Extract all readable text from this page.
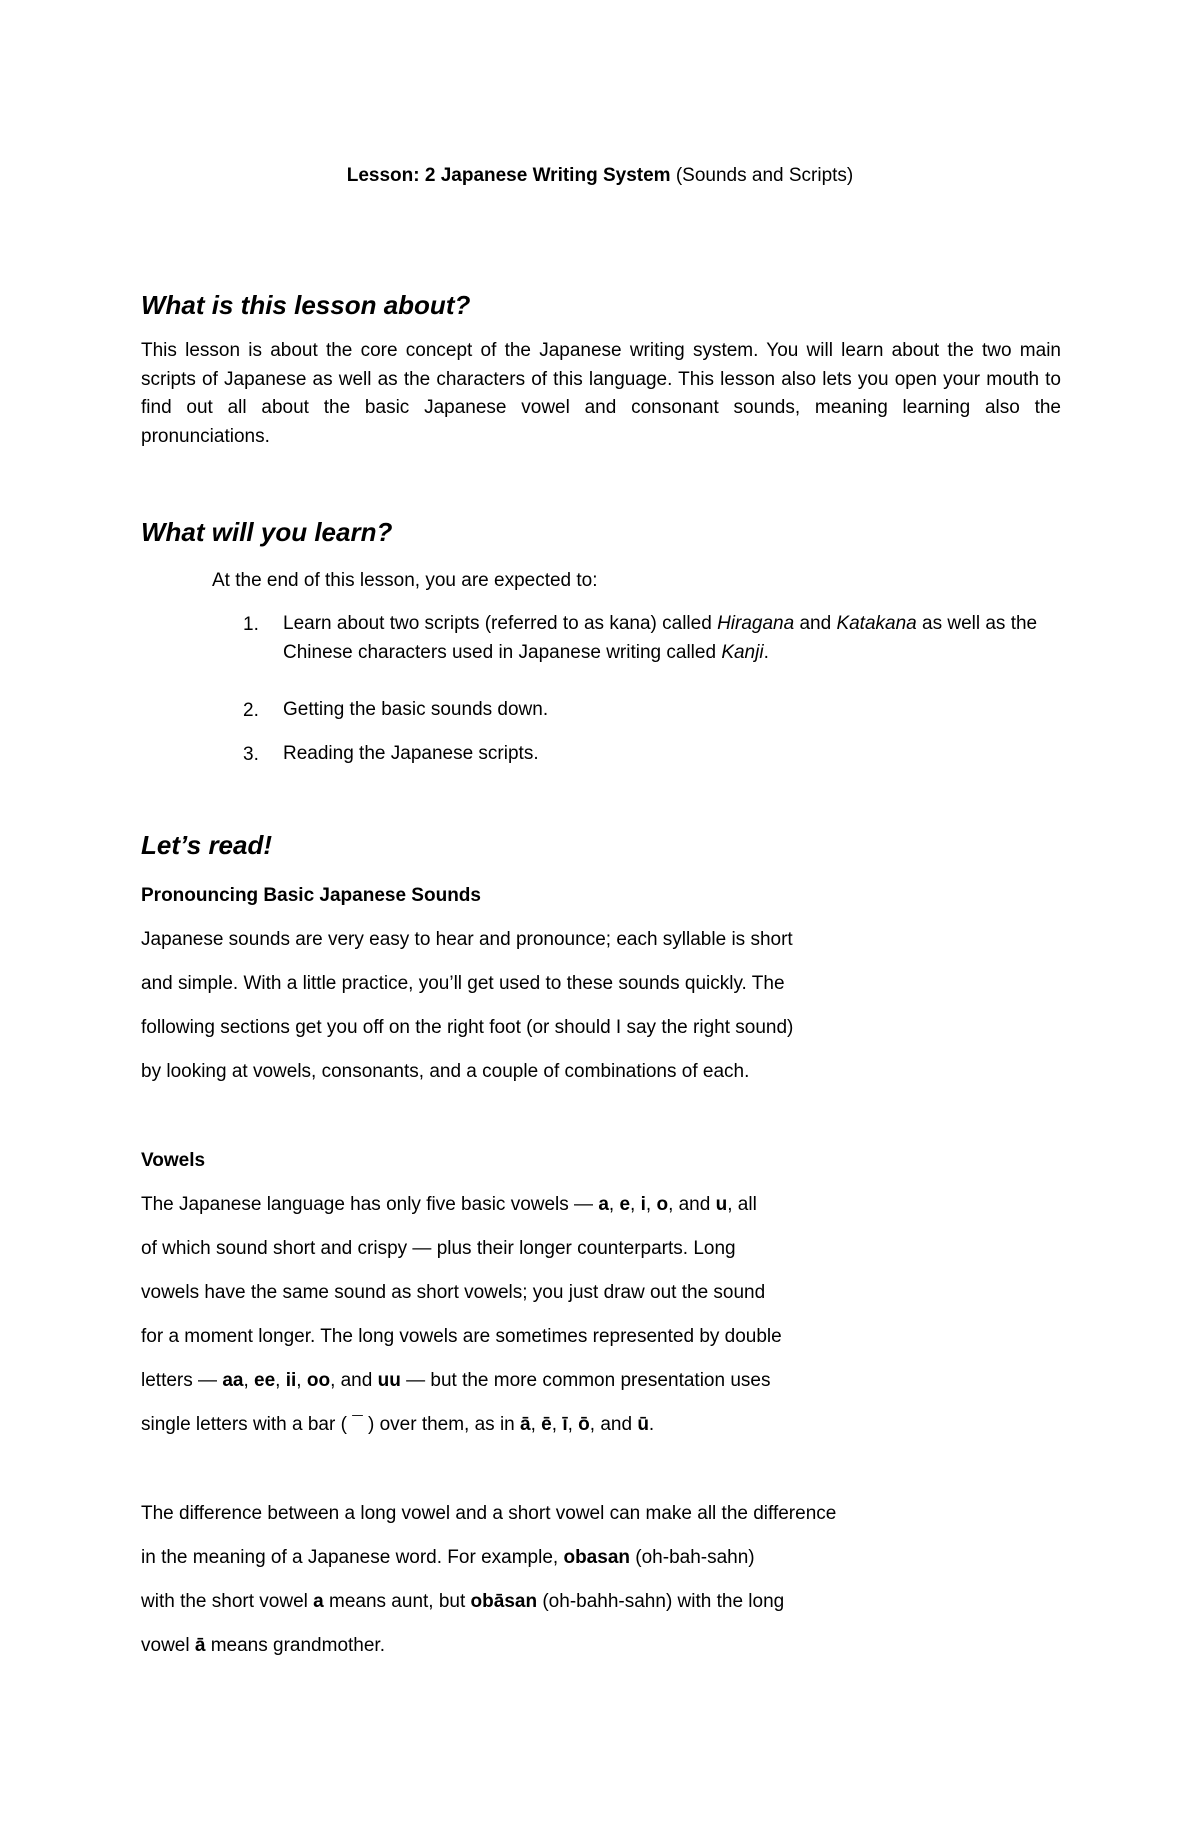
Lesson: 2 Japanese Writing System (Sounds and Scripts)
What is this lesson about?
This lesson is about the core concept of the Japanese writing system. You will learn about the two main scripts of Japanese as well as the characters of this language. This lesson also lets you open your mouth to find out all about the basic Japanese vowel and consonant sounds, meaning learning also the pronunciations.
What will you learn?
At the end of this lesson, you are expected to:
1. Learn about two scripts (referred to as kana) called Hiragana and Katakana as well as the Chinese characters used in Japanese writing called Kanji.
2. Getting the basic sounds down.
3. Reading the Japanese scripts.
Let’s read!
Pronouncing Basic Japanese Sounds
Japanese sounds are very easy to hear and pronounce; each syllable is short
and simple. With a little practice, you’ll get used to these sounds quickly. The
following sections get you off on the right foot (or should I say the right sound)
by looking at vowels, consonants, and a couple of combinations of each.
Vowels
The Japanese language has only five basic vowels — a, e, i, o, and u, all
of which sound short and crispy — plus their longer counterparts. Long
vowels have the same sound as short vowels; you just draw out the sound
for a moment longer. The long vowels are sometimes represented by double
letters — aa, ee, ii, oo, and uu — but the more common presentation uses
single letters with a bar ( ¯ ) over them, as in ā, ē, ī, ō, and ū.
The difference between a long vowel and a short vowel can make all the difference
in the meaning of a Japanese word. For example, obasan (oh-bah-sahn)
with the short vowel a means aunt, but obāsan (oh-bahh-sahn) with the long
vowel ā means grandmother.
